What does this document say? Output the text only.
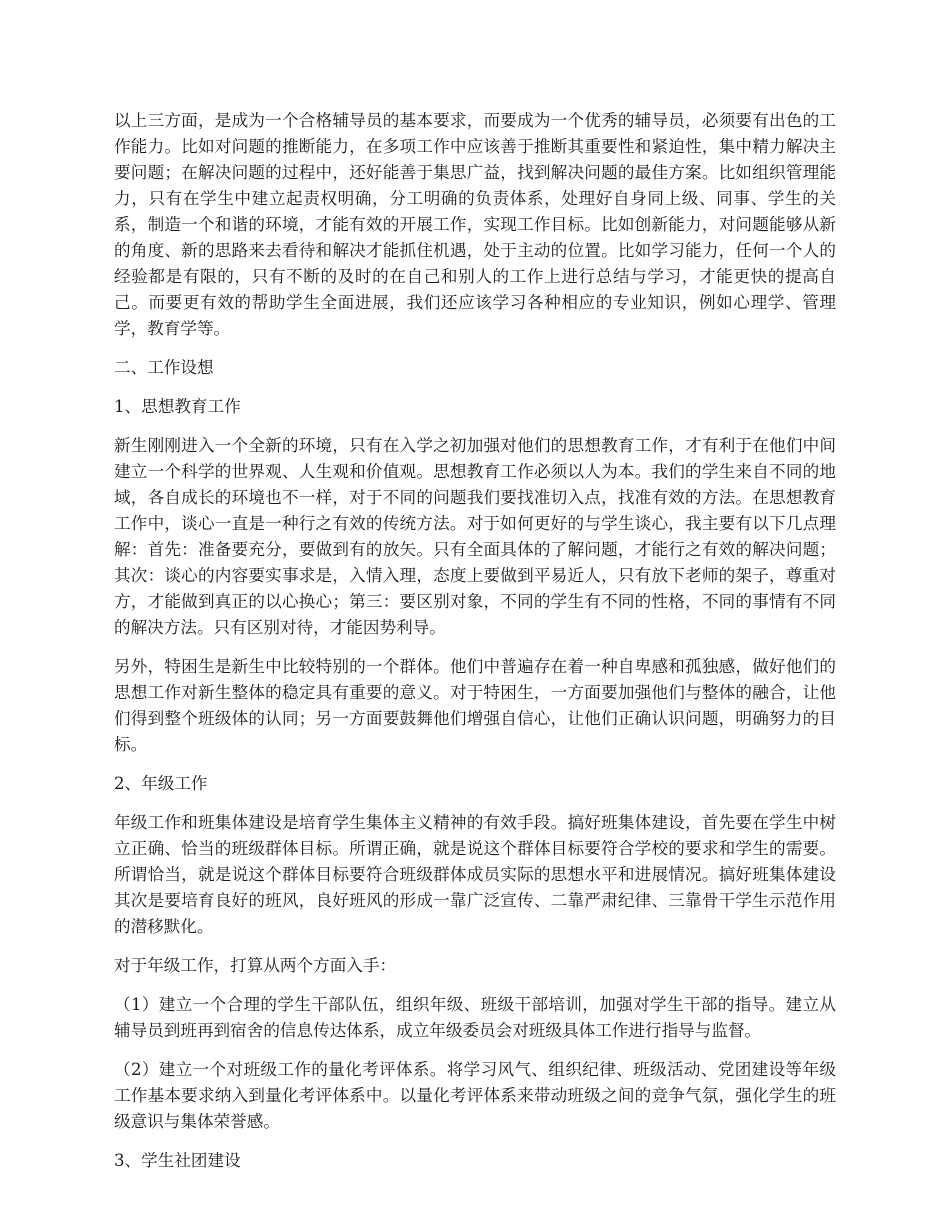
以上三方面，是成为一个合格辅导员的基本要求，而要成为一个优秀的辅导员，必须要有出色的工作能力。比如对问题的推断能力，在多项工作中应该善于推断其重要性和紧迫性，集中精力解决主要问题；在解决问题的过程中，还好能善于集思广益，找到解决问题的最佳方案。比如组织管理能力，只有在学生中建立起责权明确，分工明确的负责体系，处理好自身同上级、同事、学生的关系，制造一个和谐的环境，才能有效的开展工作，实现工作目标。比如创新能力，对问题能够从新的角度、新的思路来去看待和解决才能抓住机遇，处于主动的位置。比如学习能力，任何一个人的经验都是有限的，只有不断的及时的在自己和别人的工作上进行总结与学习，才能更快的提高自己。而要更有效的帮助学生全面进展，我们还应该学习各种相应的专业知识，例如心理学、管理学，教育学等。

二、工作设想

1、思想教育工作

新生刚刚进入一个全新的环境，只有在入学之初加强对他们的思想教育工作，才有利于在他们中间建立一个科学的世界观、人生观和价值观。思想教育工作必须以人为本。我们的学生来自不同的地域，各自成长的环境也不一样，对于不同的问题我们要找准切入点，找准有效的方法。在思想教育工作中，谈心一直是一种行之有效的传统方法。对于如何更好的与学生谈心，我主要有以下几点理解：首先：准备要充分，要做到有的放矢。只有全面具体的了解问题，才能行之有效的解决问题；其次：谈心的内容要实事求是，入情入理，态度上要做到平易近人，只有放下老师的架子，尊重对方，才能做到真正的以心换心；第三：要区别对象，不同的学生有不同的性格，不同的事情有不同的解决方法。只有区别对待，才能因势利导。

另外，特困生是新生中比较特别的一个群体。他们中普遍存在着一种自卑感和孤独感，做好他们的思想工作对新生整体的稳定具有重要的意义。对于特困生，一方面要加强他们与整体的融合，让他们得到整个班级体的认同；另一方面要鼓舞他们增强自信心，让他们正确认识问题，明确努力的目标。

2、年级工作

年级工作和班集体建设是培育学生集体主义精神的有效手段。搞好班集体建设，首先要在学生中树立正确、恰当的班级群体目标。所谓正确，就是说这个群体目标要符合学校的要求和学生的需要。所谓恰当，就是说这个群体目标要符合班级群体成员实际的思想水平和进展情况。搞好班集体建设其次是要培育良好的班风，良好班风的形成一靠广泛宣传、二靠严肃纪律、三靠骨干学生示范作用的潜移默化。

对于年级工作，打算从两个方面入手：

（1）建立一个合理的学生干部队伍，组织年级、班级干部培训，加强对学生干部的指导。建立从辅导员到班再到宿舍的信息传达体系，成立年级委员会对班级具体工作进行指导与监督。

（2）建立一个对班级工作的量化考评体系。将学习风气、组织纪律、班级活动、党团建设等年级工作基本要求纳入到量化考评体系中。以量化考评体系来带动班级之间的竞争气氛，强化学生的班级意识与集体荣誉感。

3、学生社团建设
